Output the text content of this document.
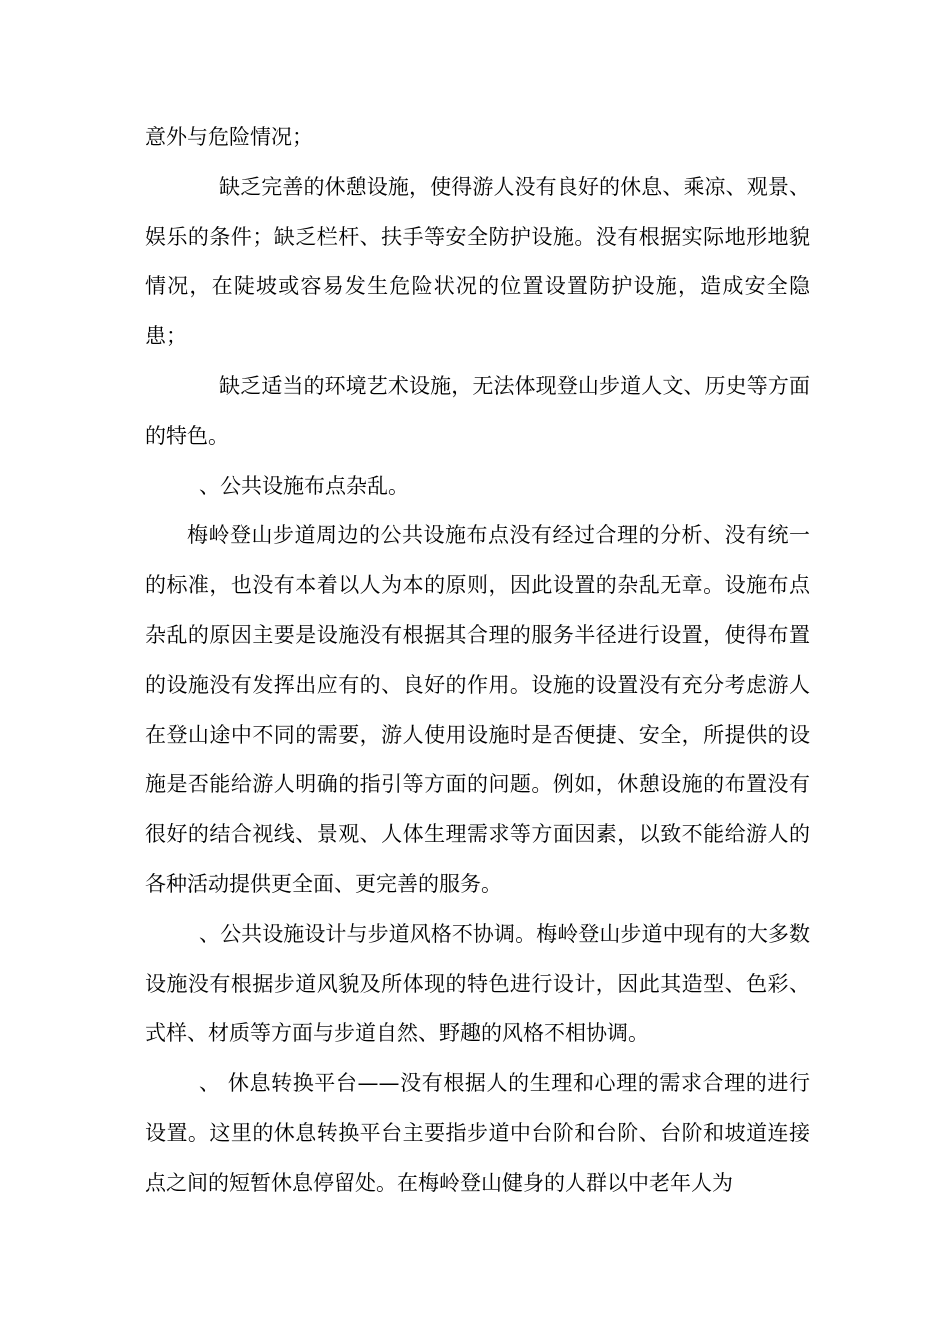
意外与危险情况；

缺乏完善的休憩设施，使得游人没有良好的休息、乘凉、观景、娱乐的条件；缺乏栏杆、扶手等安全防护设施。没有根据实际地形地貌情况，在陡坡或容易发生危险状况的位置设置防护设施，造成安全隐患；

缺乏适当的环境艺术设施，无法体现登山步道人文、历史等方面的特色。

、公共设施布点杂乱。

梅岭登山步道周边的公共设施布点没有经过合理的分析、没有统一的标准，也没有本着以人为本的原则，因此设置的杂乱无章。设施布点杂乱的原因主要是设施没有根据其合理的服务半径进行设置，使得布置的设施没有发挥出应有的、良好的作用。设施的设置没有充分考虑游人在登山途中不同的需要，游人使用设施时是否便捷、安全，所提供的设施是否能给游人明确的指引等方面的问题。例如，休憩设施的布置没有很好的结合视线、景观、人体生理需求等方面因素，以致不能给游人的各种活动提供更全面、更完善的服务。

、公共设施设计与步道风格不协调。梅岭登山步道中现有的大多数设施没有根据步道风貌及所体现的特色进行设计，因此其造型、色彩、式样、材质等方面与步道自然、野趣的风格不相协调。

、 休息转换平台——没有根据人的生理和心理的需求合理的进行设置。这里的休息转换平台主要指步道中台阶和台阶、台阶和坡道连接点之间的短暂休息停留处。在梅岭登山健身的人群以中老年人为
